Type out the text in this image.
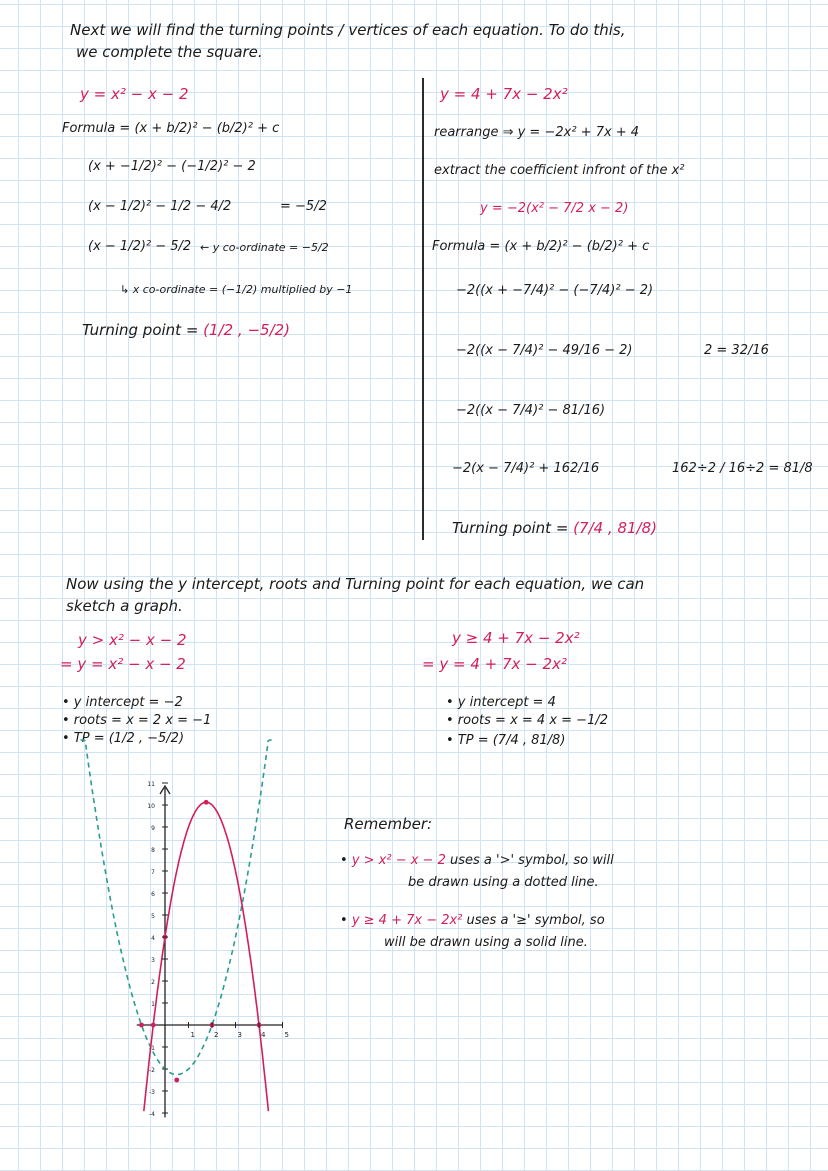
Next we will find the turning points / vertices of each equation. To do this,
we complete the square.
y = x² − x − 2
Formula = (x + b/2)² − (b/2)² + c
(x + −1/2)² − (−1/2)² − 2
(x − 1/2)² − 1/2 − 4/2	= −5/2
(x − 1/2)² − 5/2 ← y co-ordinate = −5/2
↳ x co-ordinate = (−1/2) multiplied by −1
Turning point = (1/2 , −5/2)
y = 4 + 7x − 2x²
rearrange ⇒ y = −2x² + 7x + 4
extract the coefficient infront of the x²
y = −2(x² − 7/2 x − 2)
Formula = (x + b/2)² − (b/2)² + c
−2((x + −7/4)² − (−7/4)² − 2)
−2((x − 7/4)² − 49/16 − 2)	2 = 32/16
−2((x − 7/4)² − 81/16)
−2(x − 7/4)² + 162/16	162÷2 / 16÷2 = 81/8
Turning point = (7/4 , 81/8)
Now using the y intercept, roots and Turning point for each equation, we can
sketch a graph.
y > x² − x − 2
= y = x² − x − 2
• y intercept = −2
• roots = x = 2 x = −1
• TP = (1/2 , −5/2)
y ≥ 4 + 7x − 2x²
= y = 4 + 7x − 2x²
• y intercept = 4
• roots = x = 4 x = −1/2
• TP = (7/4 , 81/8)
Remember:
• y > x² − x − 2 uses a '>' symbol, so will
be drawn using a dotted line.
• y ≥ 4 + 7x − 2x² uses a '≥' symbol, so
will be drawn using a solid line.
1	2	3	4	5
11
10
9
8
7
6
5
4
3
2
1
-1
-2
-3
-4
